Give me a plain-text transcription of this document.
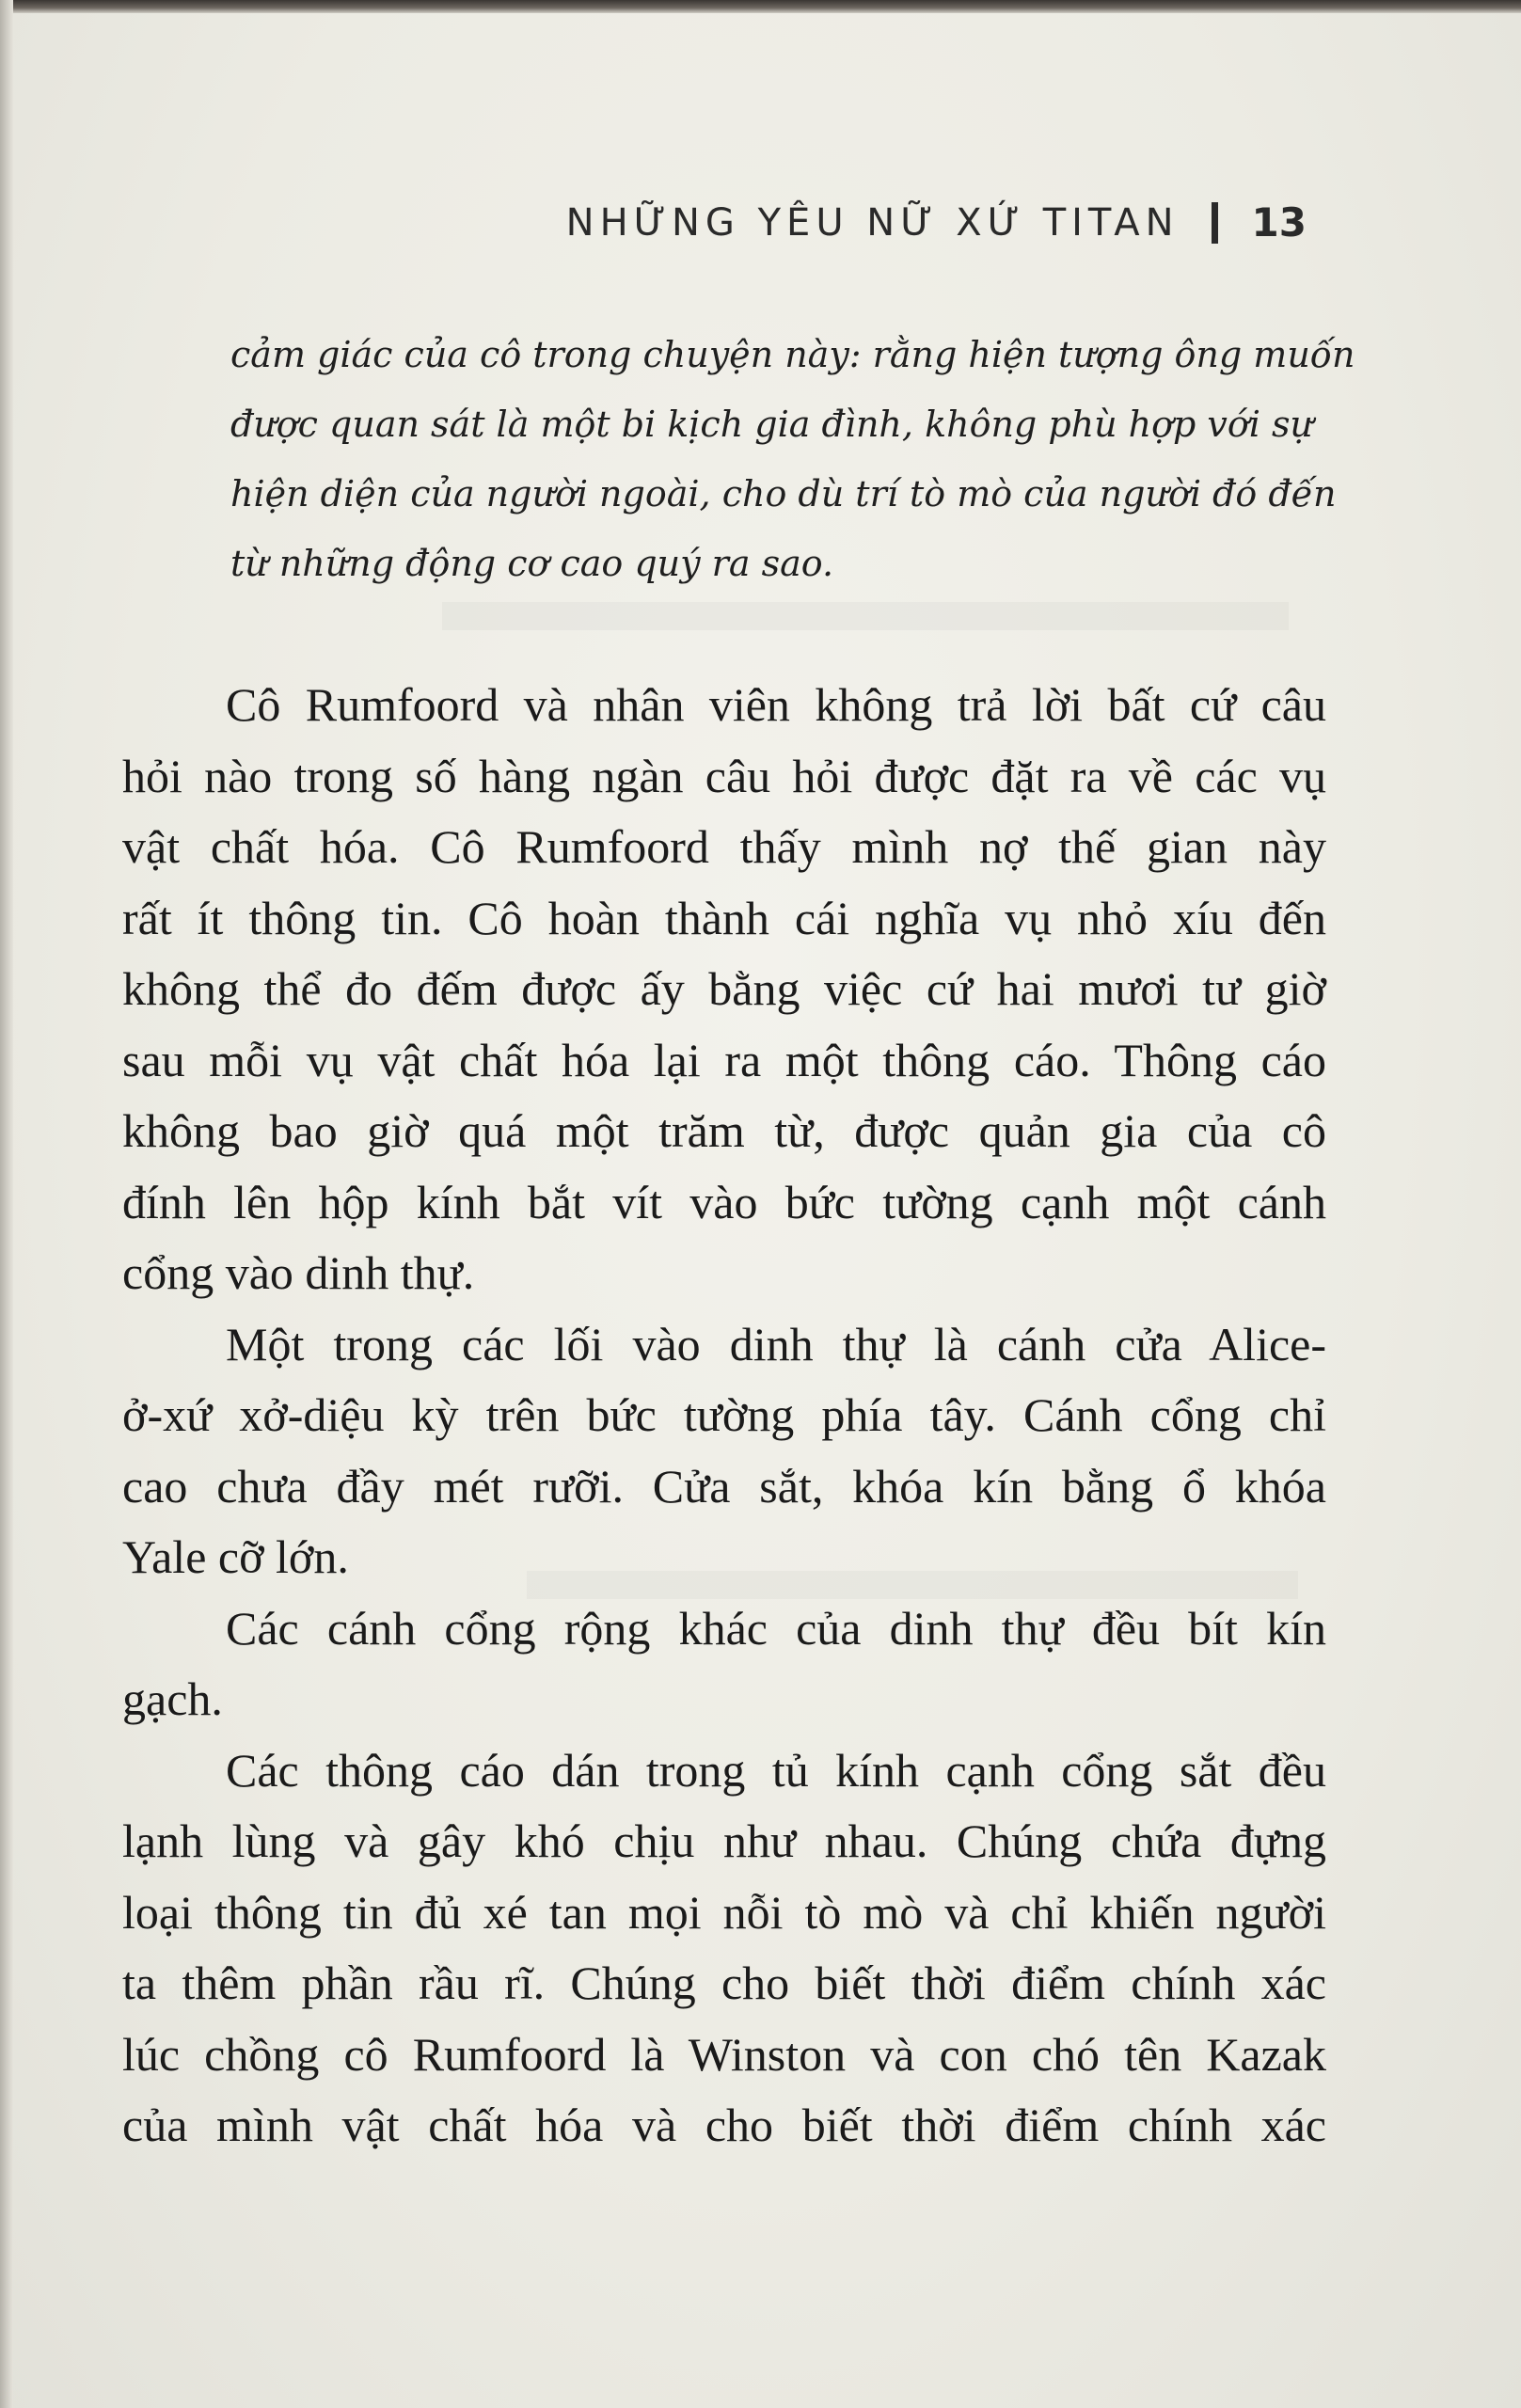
NHỮNG YÊU NỮ XỨ TITAN 13
cảm giác của cô trong chuyện này: rằng hiện tượng ông muốn
được quan sát là một bi kịch gia đình, không phù hợp với sự
hiện diện của người ngoài, cho dù trí tò mò của người đó đến
từ những động cơ cao quý ra sao.
Cô Rumfoord và nhân viên không trả lời bất cứ câu
hỏi nào trong số hàng ngàn câu hỏi được đặt ra về các vụ
vật chất hóa. Cô Rumfoord thấy mình nợ thế gian này
rất ít thông tin. Cô hoàn thành cái nghĩa vụ nhỏ xíu đến
không thể đo đếm được ấy bằng việc cứ hai mươi tư giờ
sau mỗi vụ vật chất hóa lại ra một thông cáo. Thông cáo
không bao giờ quá một trăm từ, được quản gia của cô
đính lên hộp kính bắt vít vào bức tường cạnh một cánh
cổng vào dinh thự.
Một trong các lối vào dinh thự là cánh cửa Alice-
ở-xứ xở-diệu kỳ trên bức tường phía tây. Cánh cổng chỉ
cao chưa đầy mét rưỡi. Cửa sắt, khóa kín bằng ổ khóa
Yale cỡ lớn.
Các cánh cổng rộng khác của dinh thự đều bít kín
gạch.
Các thông cáo dán trong tủ kính cạnh cổng sắt đều
lạnh lùng và gây khó chịu như nhau. Chúng chứa đựng
loại thông tin đủ xé tan mọi nỗi tò mò và chỉ khiến người
ta thêm phần rầu rĩ. Chúng cho biết thời điểm chính xác
lúc chồng cô Rumfoord là Winston và con chó tên Kazak
của mình vật chất hóa và cho biết thời điểm chính xác
